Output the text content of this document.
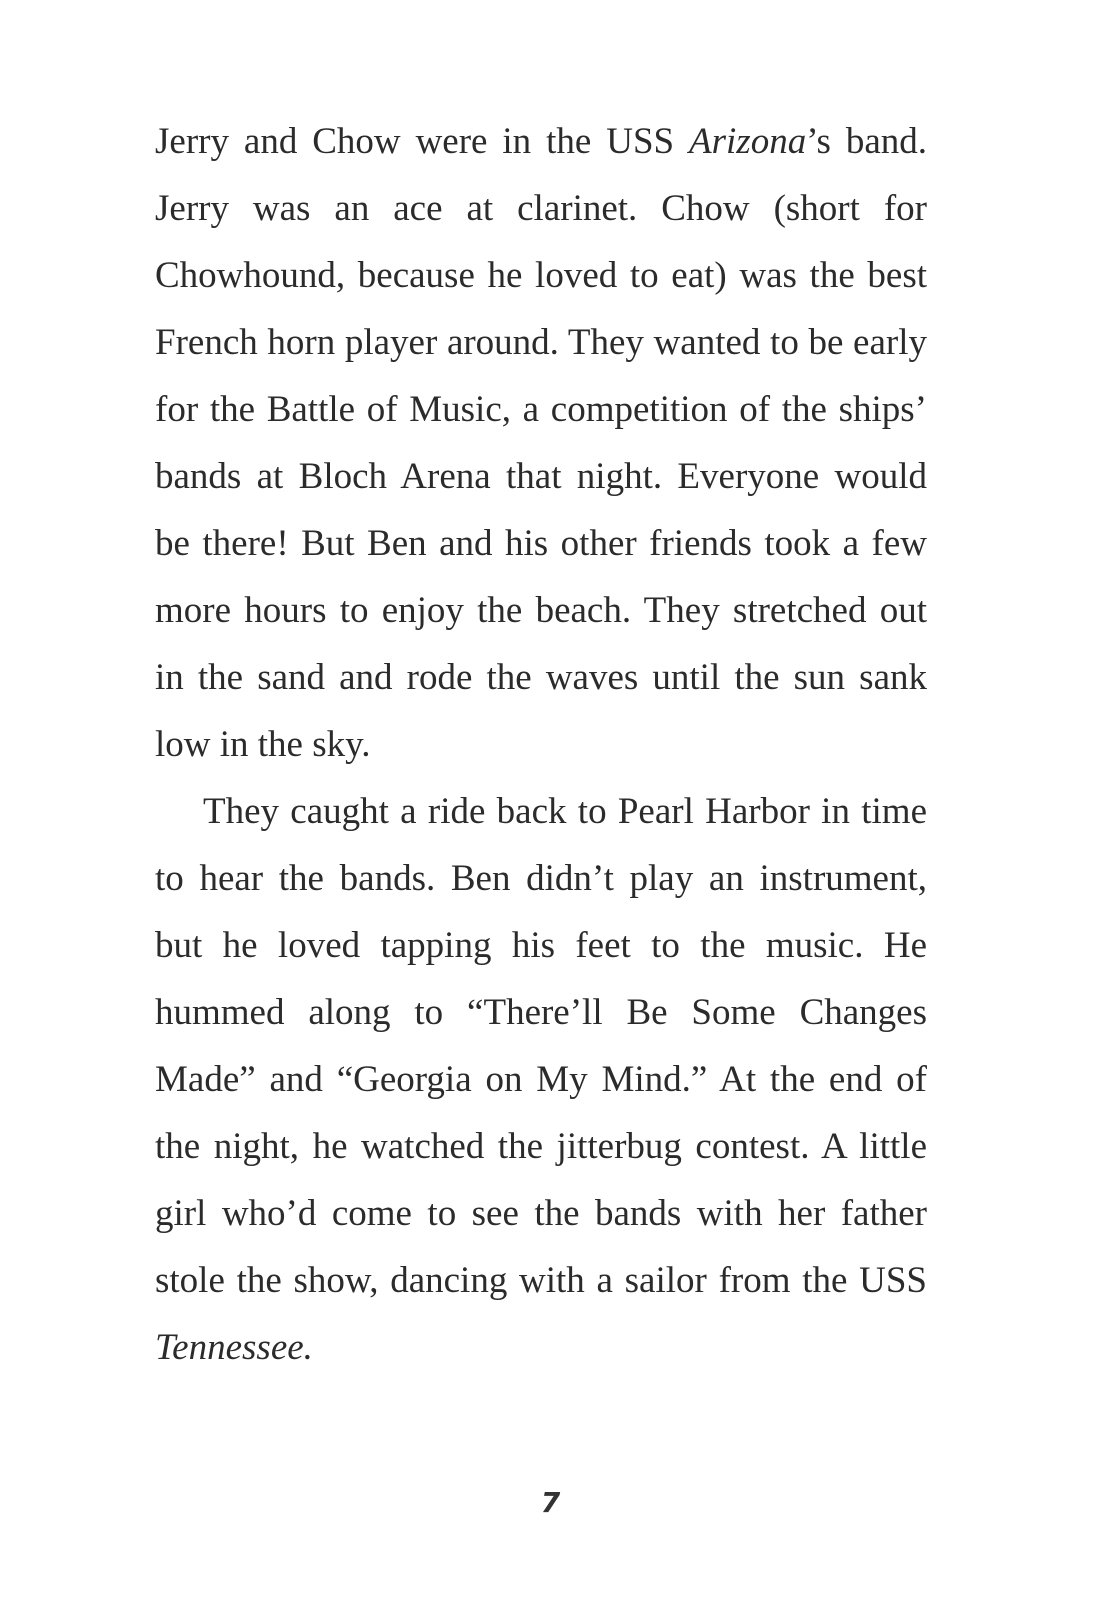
Jerry and Chow were in the USS Arizona’s band. Jerry was an ace at clarinet. Chow (short for Chowhound, because he loved to eat) was the best French horn player around. They wanted to be early for the Battle of Music, a competition of the ships’ bands at Bloch Arena that night. Everyone would be there! But Ben and his other friends took a few more hours to enjoy the beach. They stretched out in the sand and rode the waves until the sun sank low in the sky.

They caught a ride back to Pearl Harbor in time to hear the bands. Ben didn’t play an instrument, but he loved tapping his feet to the music. He hummed along to “There’ll Be Some Changes Made” and “Georgia on My Mind.” At the end of the night, he watched the jitterbug contest. A little girl who’d come to see the bands with her father stole the show, dancing with a sailor from the USS Tennessee.

7
